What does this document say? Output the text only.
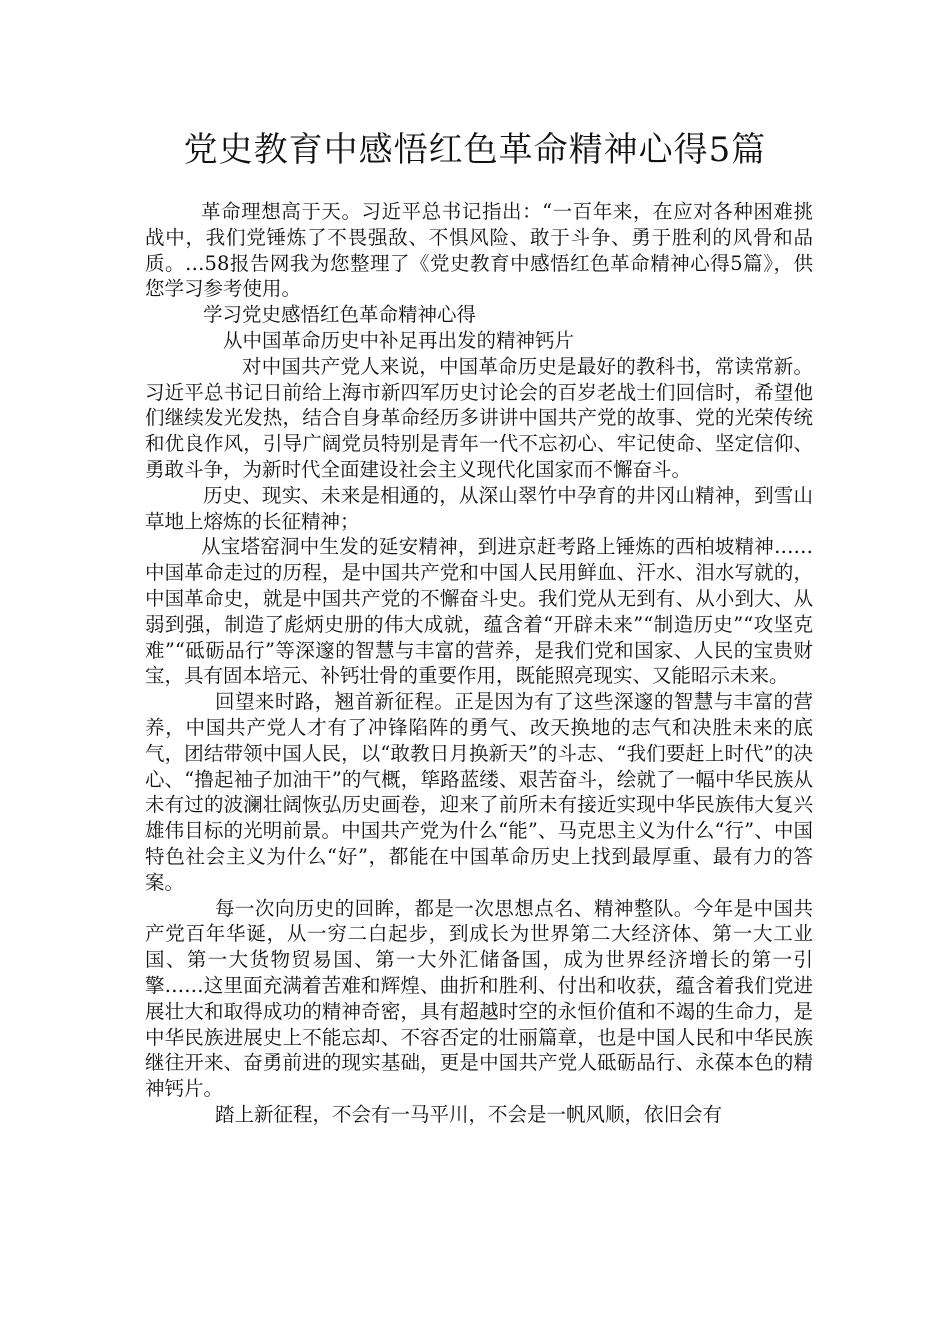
党史教育中感悟红色革命精神心得5篇

革命理想高于天。习近平总书记指出：“一百年来，在应对各种困难挑战中，我们党锤炼了不畏强敌、不惧风险、敢于斗争、勇于胜利的风骨和品质。…58报告网我为您整理了《党史教育中感悟红色革命精神心得5篇》，供您学习参考使用。

学习党史感悟红色革命精神心得

从中国革命历史中补足再出发的精神钙片

对中国共产党人来说，中国革命历史是最好的教科书，常读常新。习近平总书记日前给上海市新四军历史讨论会的百岁老战士们回信时，希望他们继续发光发热，结合自身革命经历多讲讲中国共产党的故事、党的光荣传统和优良作风，引导广阔党员特别是青年一代不忘初心、牢记使命、坚定信仰、勇敢斗争，为新时代全面建设社会主义现代化国家而不懈奋斗。

历史、现实、未来是相通的，从深山翠竹中孕育的井冈山精神，到雪山草地上熔炼的长征精神；

从宝塔窑洞中生发的延安精神，到进京赶考路上锤炼的西柏坡精神……中国革命走过的历程，是中国共产党和中国人民用鲜血、汗水、泪水写就的，中国革命史，就是中国共产党的不懈奋斗史。我们党从无到有、从小到大、从弱到强，制造了彪炳史册的伟大成就，蕴含着“开辟未来”“制造历史”“攻坚克难”“砥砺品行”等深邃的智慧与丰富的营养，是我们党和国家、人民的宝贵财宝，具有固本培元、补钙壮骨的重要作用，既能照亮现实、又能昭示未来。

回望来时路，翘首新征程。正是因为有了这些深邃的智慧与丰富的营养，中国共产党人才有了冲锋陷阵的勇气、改天换地的志气和决胜未来的底气，团结带领中国人民，以“敢教日月换新天”的斗志、“我们要赶上时代”的决心、“撸起袖子加油干”的气概，筚路蓝缕、艰苦奋斗，绘就了一幅中华民族从未有过的波澜壮阔恢弘历史画卷，迎来了前所未有接近实现中华民族伟大复兴雄伟目标的光明前景。中国共产党为什么“能”、马克思主义为什么“行”、中国特色社会主义为什么“好”，都能在中国革命历史上找到最厚重、最有力的答案。

每一次向历史的回眸，都是一次思想点名、精神整队。今年是中国共产党百年华诞，从一穷二白起步，到成长为世界第二大经济体、第一大工业国、第一大货物贸易国、第一大外汇储备国，成为世界经济增长的第一引擎……这里面充满着苦难和辉煌、曲折和胜利、付出和收获，蕴含着我们党进展壮大和取得成功的精神奇密，具有超越时空的永恒价值和不竭的生命力，是中华民族进展史上不能忘却、不容否定的壮丽篇章，也是中国人民和中华民族继往开来、奋勇前进的现实基础，更是中国共产党人砥砺品行、永葆本色的精神钙片。

踏上新征程，不会有一马平川，不会是一帆风顺，依旧会有
